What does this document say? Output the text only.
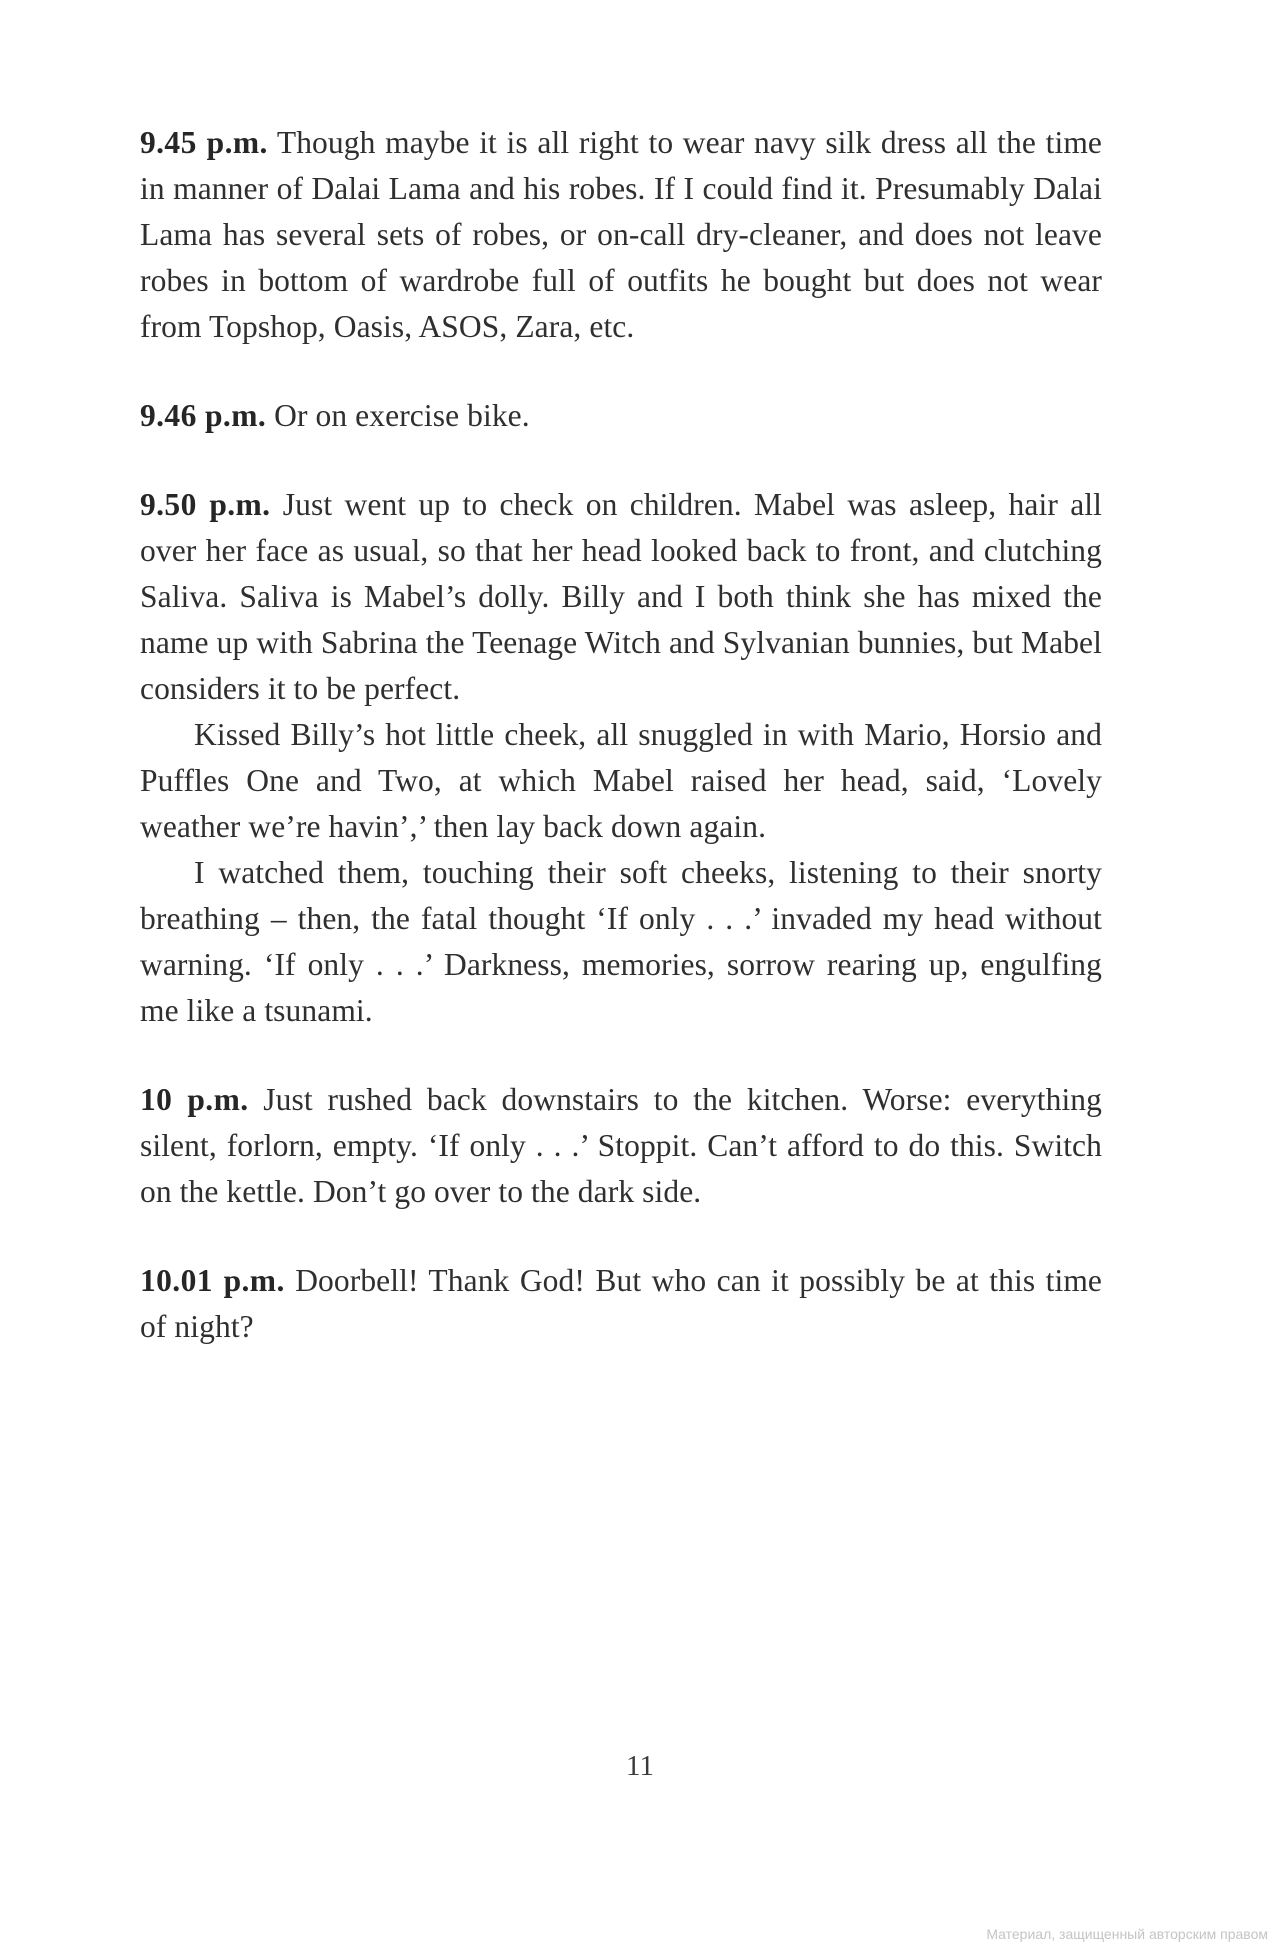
9.45 p.m. Though maybe it is all right to wear navy silk dress all the time in manner of Dalai Lama and his robes. If I could find it. Presumably Dalai Lama has several sets of robes, or on-call dry-cleaner, and does not leave robes in bottom of wardrobe full of outfits he bought but does not wear from Topshop, Oasis, ASOS, Zara, etc.

9.46 p.m. Or on exercise bike.

9.50 p.m. Just went up to check on children. Mabel was asleep, hair all over her face as usual, so that her head looked back to front, and clutching Saliva. Saliva is Mabel’s dolly. Billy and I both think she has mixed the name up with Sabrina the Teenage Witch and Sylvanian bunnies, but Mabel considers it to be perfect.

Kissed Billy’s hot little cheek, all snuggled in with Mario, Horsio and Puffles One and Two, at which Mabel raised her head, said, ‘Lovely weather we’re havin’,’ then lay back down again.

I watched them, touching their soft cheeks, listening to their snorty breathing – then, the fatal thought ‘If only . . .’ invaded my head without warning. ‘If only . . .’ Darkness, memories, sorrow rearing up, engulfing me like a tsunami.

10 p.m. Just rushed back downstairs to the kitchen. Worse: everything silent, forlorn, empty. ‘If only . . .’ Stoppit. Can’t afford to do this. Switch on the kettle. Don’t go over to the dark side.

10.01 p.m. Doorbell! Thank God! But who can it possibly be at this time of night?

11
Материал, защищенный авторским правом
